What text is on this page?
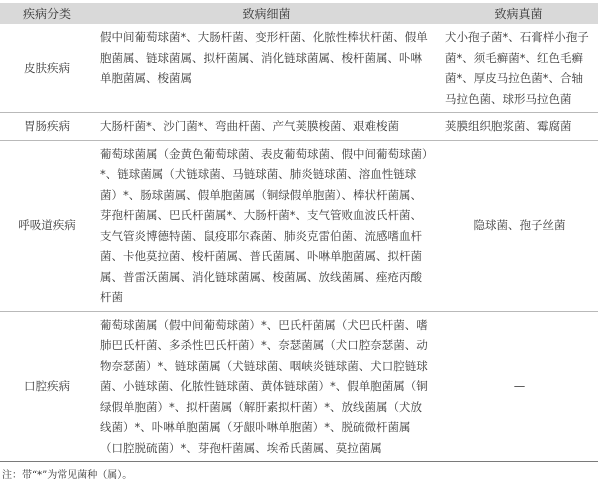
疾病分类	致病细菌	致病真菌
皮肤疾病	假中间葡萄球菌*、大肠杆菌、变形杆菌、化脓性棒状杆菌、假单胞菌属、链球菌属、拟杆菌属、消化链球菌属、梭杆菌属、卟啉单胞菌属、梭菌属	犬小孢子菌*、石膏样小孢子菌*、须毛癣菌*、红色毛癣菌*、厚皮马拉色菌*、合轴马拉色菌、球形马拉色菌
胃肠疾病	大肠杆菌*、沙门菌*、弯曲杆菌、产气荚膜梭菌、艰难梭菌	荚膜组织胞浆菌、霉腐菌
呼吸道疾病	葡萄球菌属（金黄色葡萄球菌、表皮葡萄球菌、假中间葡萄球菌）*、链球菌属（犬链球菌、马链球菌、肺炎链球菌、溶血性链球菌）*、肠球菌属、假单胞菌属（铜绿假单胞菌）、棒状杆菌属、芽孢杆菌属、巴氏杆菌属*、大肠杆菌*、支气管败血波氏杆菌、支气管炎博德特菌、鼠疫耶尔森菌、肺炎克雷伯菌、流感嗜血杆菌、卡他莫拉菌、梭杆菌属、普氏菌属、卟啉单胞菌属、拟杆菌属、普雷沃菌属、消化链球菌属、梭菌属、放线菌属、痤疮丙酸杆菌	隐球菌、孢子丝菌
口腔疾病	葡萄球菌属（假中间葡萄球菌）*、巴氏杆菌属（犬巴氏杆菌、嗜肺巴氏杆菌、多杀性巴氏杆菌）*、奈瑟菌属（犬口腔奈瑟菌、动物奈瑟菌）*、链球菌属（犬链球菌、咽峡炎链球菌、犬口腔链球菌、小链球菌、化脓性链球菌、黄体链球菌）*、假单胞菌属（铜绿假单胞菌）*、拟杆菌属（解肝素拟杆菌）*、放线菌属（犬放线菌）*、卟啉单胞菌属（牙龈卟啉单胞菌）*、脱硫微杆菌属（口腔脱硫菌）*、芽孢杆菌属、埃希氏菌属、莫拉菌属	—
注：带“*”为常见菌种（属）。
